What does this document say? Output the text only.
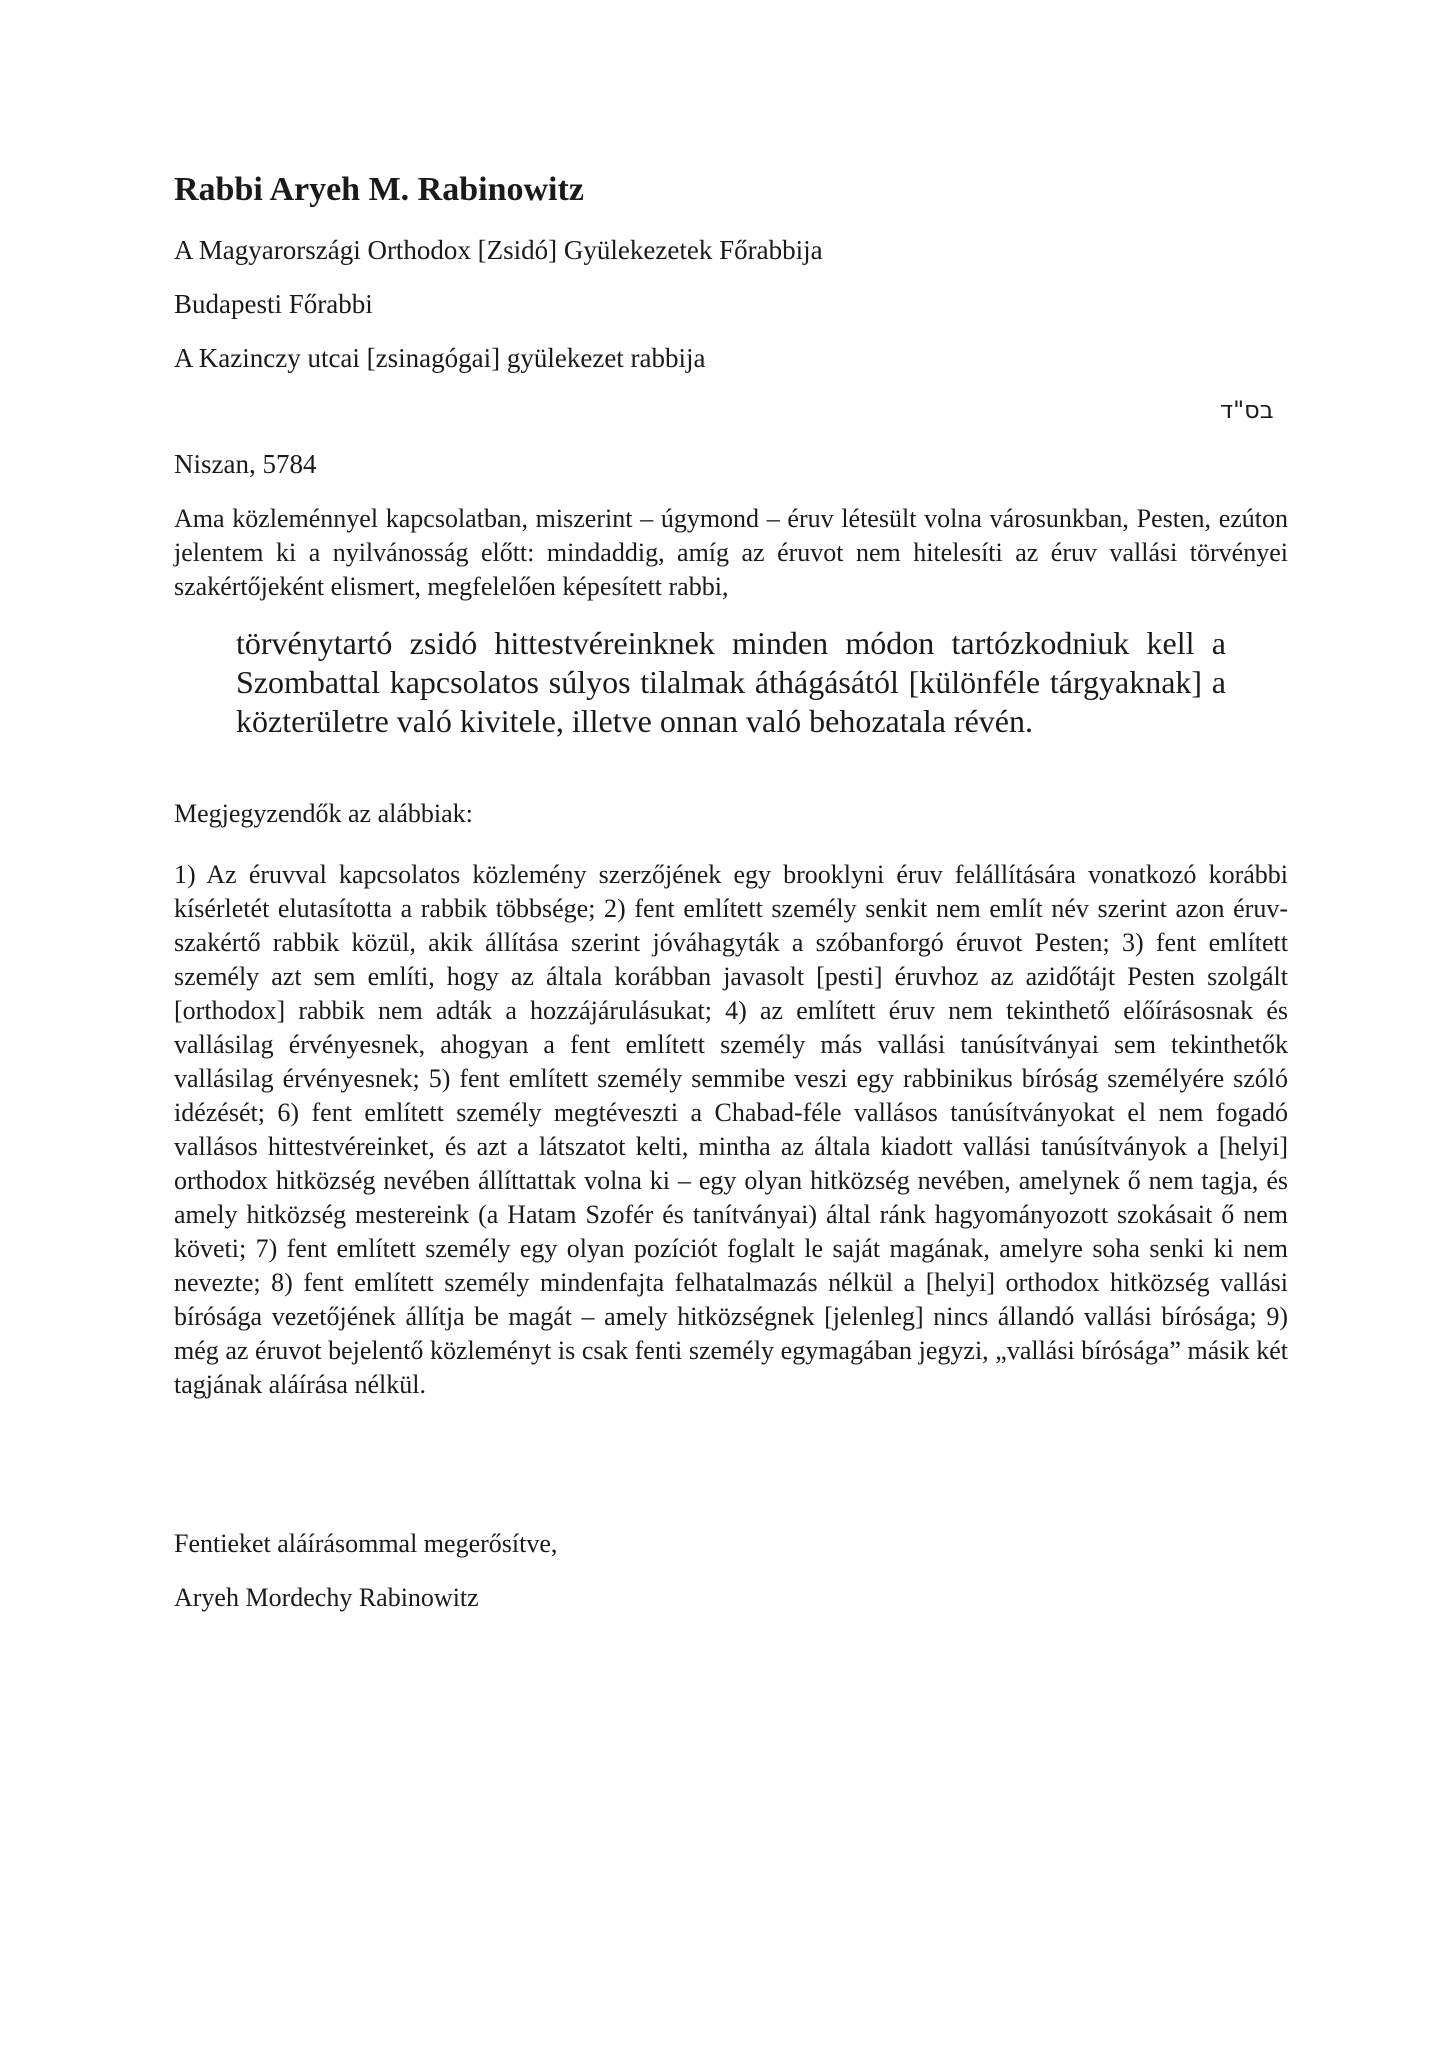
Rabbi Aryeh M. Rabinowitz
A Magyarországi Orthodox [Zsidó] Gyülekezetek Főrabbija
Budapesti Főrabbi
A Kazinczy utcai [zsinagógai] gyülekezet rabbija
בס"ד
Niszan, 5784
Ama közleménnyel kapcsolatban, miszerint – úgymond – éruv létesült volna városunkban, Pesten, ezúton jelentem ki a nyilvánosság előtt: mindaddig, amíg az éruvot nem hitelesíti az éruv vallási törvényei szakértőjeként elismert, megfelelően képesített rabbi,
törvénytartó zsidó hittestvéreinknek minden módon tartózkodniuk kell a Szombattal kapcsolatos súlyos tilalmak áthágásától [különféle tárgyaknak] a közterületre való kivitele, illetve onnan való behozatala révén.
Megjegyzendők az alábbiak:
1) Az éruvval kapcsolatos közlemény szerzőjének egy brooklyni éruv felállítására vonatkozó korábbi kísérletét elutasította a rabbik többsége; 2) fent említett személy senkit nem említ név szerint azon éruv-szakértő rabbik közül, akik állítása szerint jóváhagyták a szóbanforgó éruvot Pesten; 3) fent említett személy azt sem említi, hogy az általa korábban javasolt [pesti] éruvhoz az azidőtájt Pesten szolgált [orthodox] rabbik nem adták a hozzájárulásukat; 4) az említett éruv nem tekinthető előírásosnak és vallásilag érvényesnek, ahogyan a fent említett személy más vallási tanúsítványai sem tekinthetők vallásilag érvényesnek; 5) fent említett személy semmibe veszi egy rabbinikus bíróság személyére szóló idézését; 6) fent említett személy megtéveszti a Chabad-féle vallásos tanúsítványokat el nem fogadó vallásos hittestvéreinket, és azt a látszatot kelti, mintha az általa kiadott vallási tanúsítványok a [helyi] orthodox hitközség nevében állíttattak volna ki – egy olyan hitközség nevében, amelynek ő nem tagja, és amely hitközség mestereink (a Hatam Szofér és tanítványai) által ránk hagyományozott szokásait ő nem követi; 7) fent említett személy egy olyan pozíciót foglalt le saját magának, amelyre soha senki ki nem nevezte; 8) fent említett személy mindenfajta felhatalmazás nélkül a [helyi] orthodox hitközség vallási bírósága vezetőjének állítja be magát – amely hitközségnek [jelenleg] nincs állandó vallási bírósága; 9) még az éruvot bejelentő közleményt is csak fenti személy egymagában jegyzi, „vallási bírósága” másik két tagjának aláírása nélkül.
Fentieket aláírásommal megerősítve,
Aryeh Mordechy Rabinowitz
